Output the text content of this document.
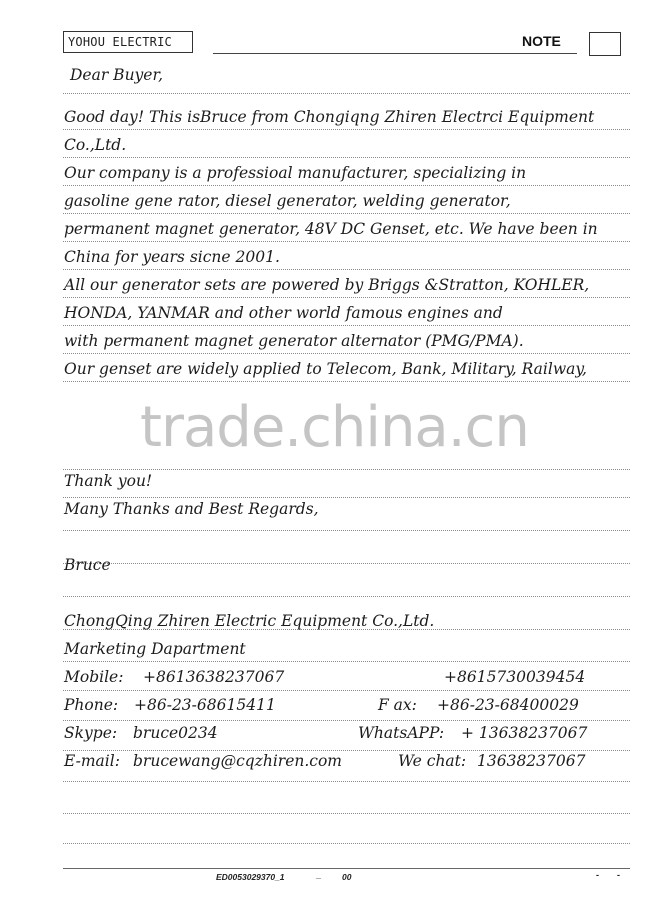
YOHOU ELECTRIC	NOTE
Dear Buyer,
Good day! This isBruce from Chongiqng Zhiren Electrci Equipment
Co.,Ltd.
Our company is a professioal manufacturer, specializing in
gasoline gene rator, diesel generator, welding generator,
permanent magnet generator, 48V DC Genset, etc. We have been in
China for years sicne 2001.
All our generator sets are powered by Briggs &Stratton, KOHLER,
HONDA, YANMAR and other world famous engines and
with permanent magnet generator alternator (PMG/PMA).
Our genset are widely applied to Telecom, Bank, Military, Railway,
trade.china.cn
Thank you!
Many Thanks and Best Regards,
Bruce
ChongQing Zhiren Electric Equipment Co.,Ltd.
Marketing Dapartment
Mobile: +8613638237067	+8615730039454
Phone: +86-23-68615411	F ax: +86-23-68400029
Skype: bruce0234	WhatsAPP: + 13638237067
E-mail: brucewang@cqzhiren.com	We chat: 13638237067
ED0053029370_1	_ 00	- -
